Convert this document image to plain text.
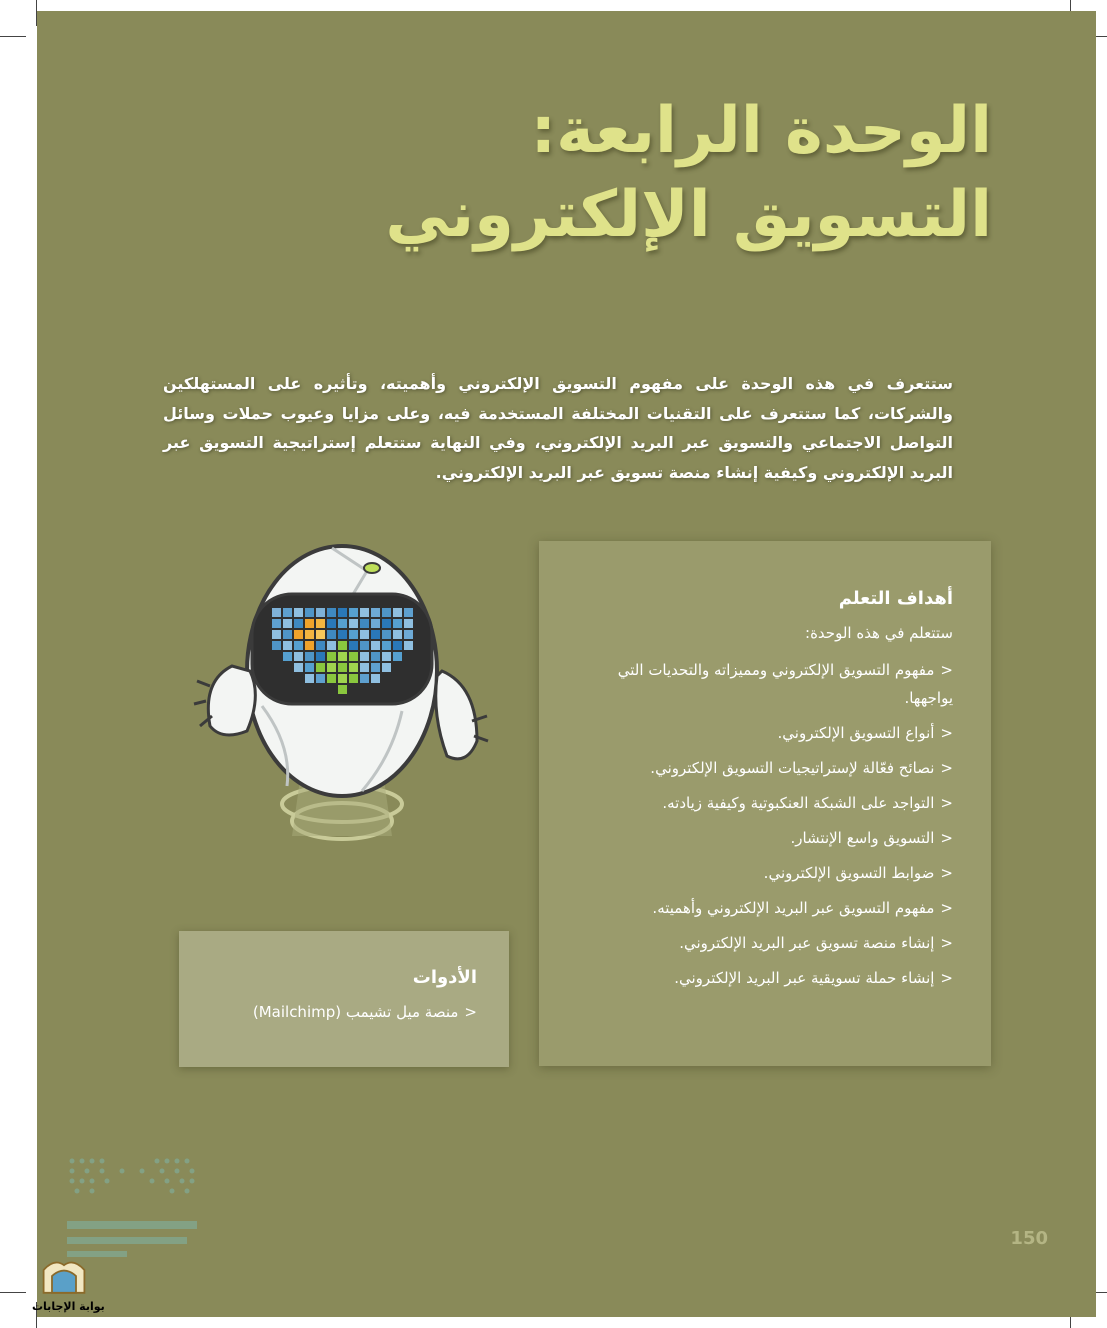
الوحدة الرابعة:
التسويق الإلكتروني

ستتعرف في هذه الوحدة على مفهوم التسويق الإلكتروني وأهميته، وتأثيره على المستهلكين والشركات، كما ستتعرف على التقنيات المختلفة المستخدمة فيه، وعلى مزايا وعيوب حملات وسائل التواصل الاجتماعي والتسويق عبر البريد الإلكتروني، وفي النهاية ستتعلم إستراتيجية التسويق عبر البريد الإلكتروني وكيفية إنشاء منصة تسويق عبر البريد الإلكتروني.

أهداف التعلم
ستتعلم في هذه الوحدة:
<مفهوم التسويق الإلكتروني ومميزاته والتحديات التي يواجهها.
<أنواع التسويق الإلكتروني.
<نصائح فعّالة لإستراتيجيات التسويق الإلكتروني.
<التواجد على الشبكة العنكبوتية وكيفية زيادته.
<التسويق واسع الإنتشار.
<ضوابط التسويق الإلكتروني.
<مفهوم التسويق عبر البريد الإلكتروني وأهميته.
<إنشاء منصة تسويق عبر البريد الإلكتروني.
<إنشاء حملة تسويقية عبر البريد الإلكتروني.
الأدوات
<منصة ميل تشيمب (Mailchimp)
150
بوابة الإجابات
